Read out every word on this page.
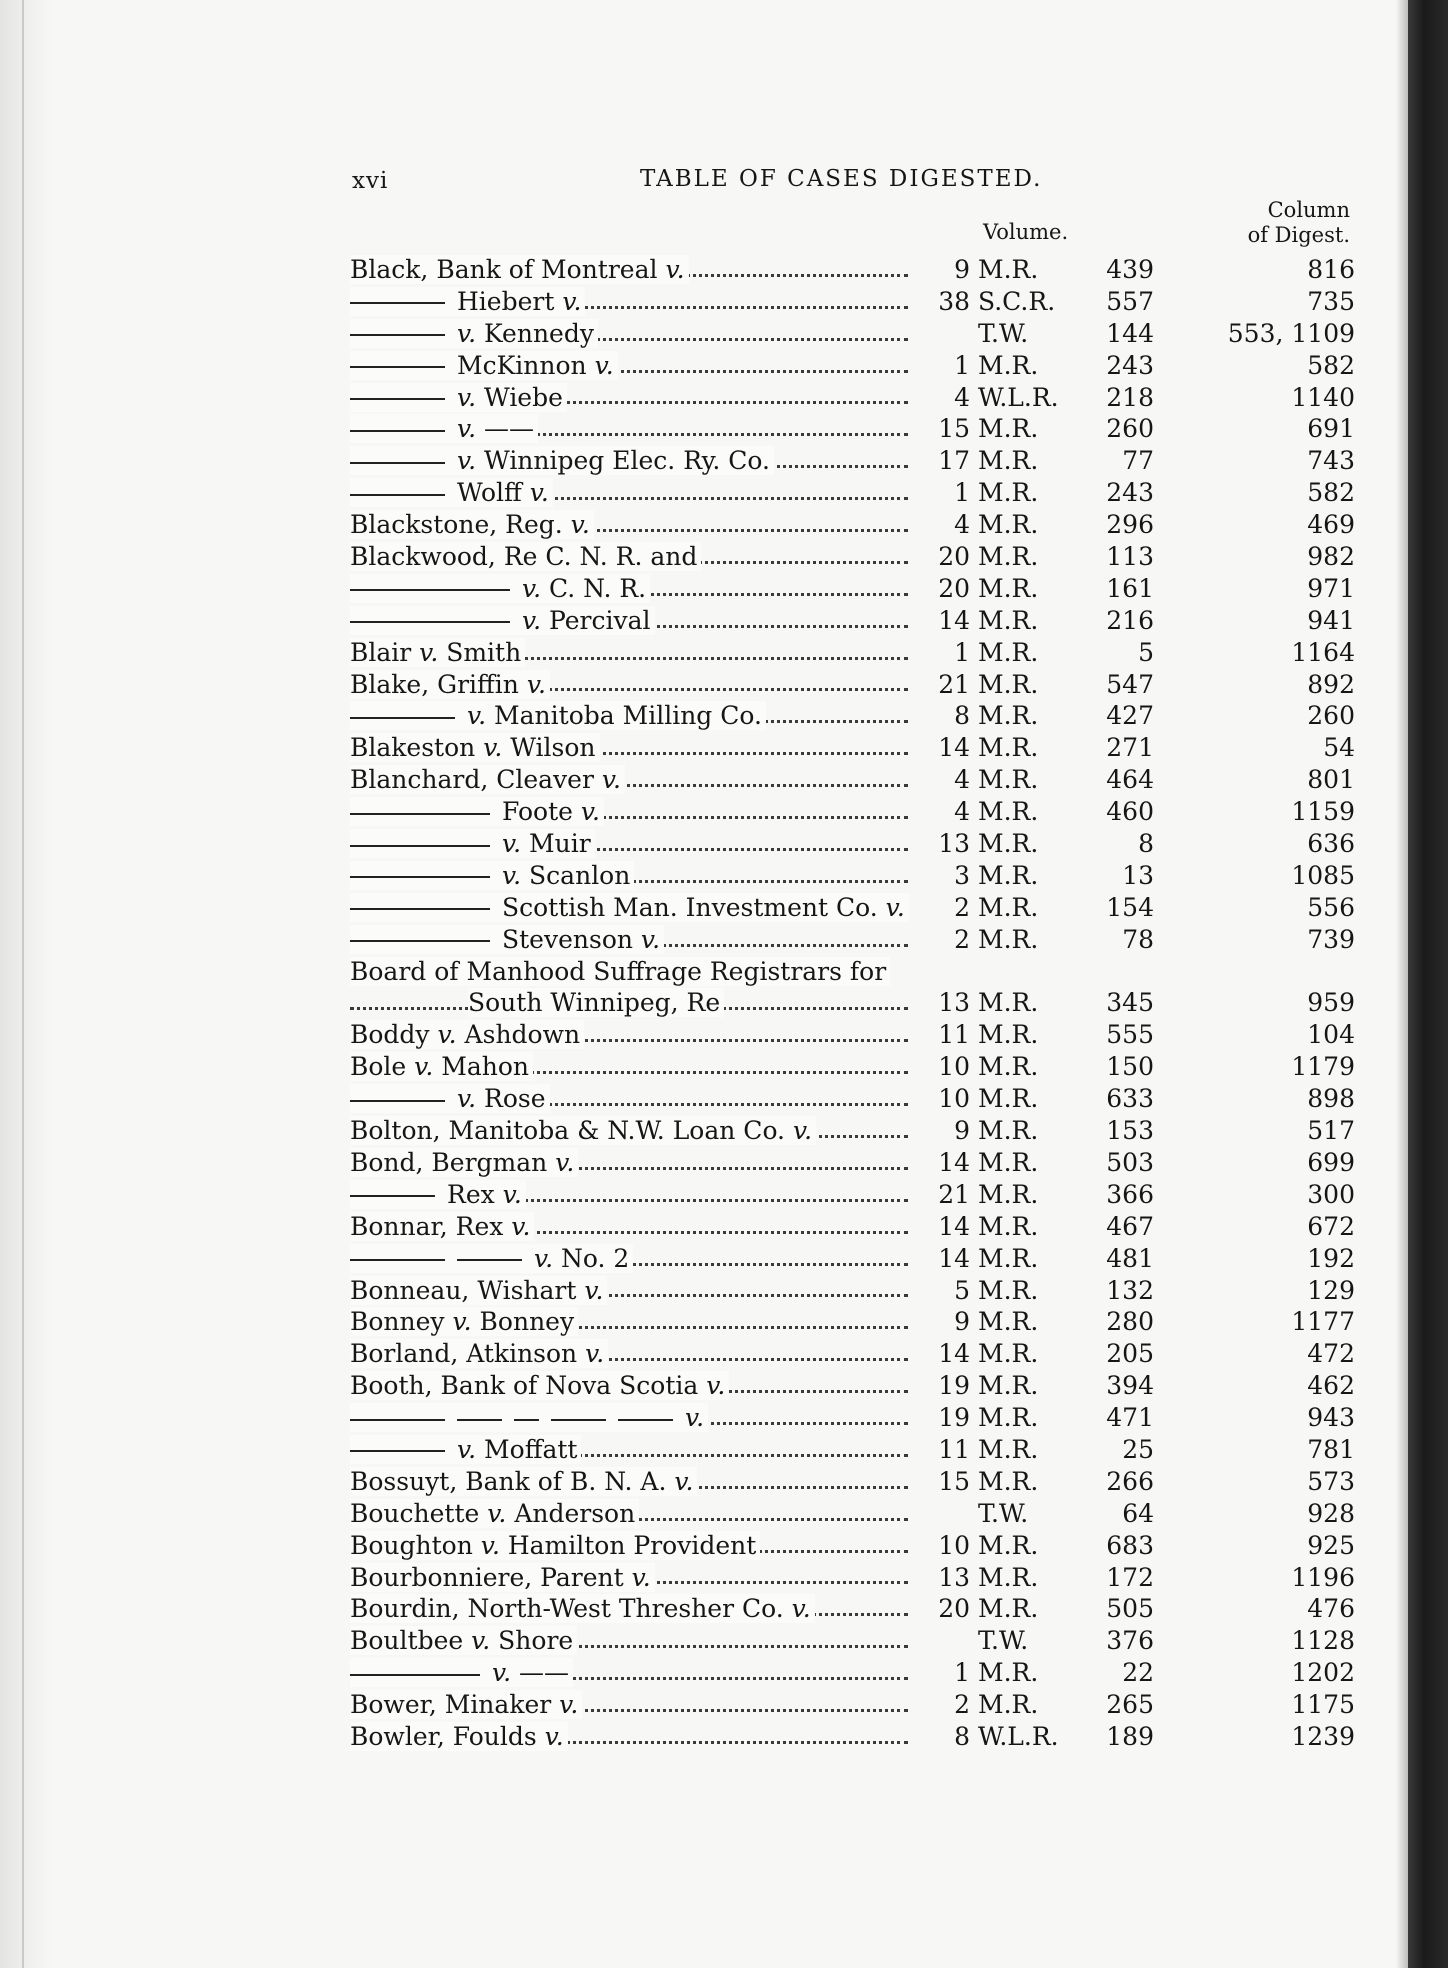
xvi	TABLE OF CASES DIGESTED.
Volume.
Column
of Digest.
Black, Bank of Montreal v.	9 M.R.	439	816
Hiebert v.	38 S.C.R.	557	735
v. Kennedy	T.W.	144	553, 1109
McKinnon v.	1 M.R.	243	582
v. Wiebe	4 W.L.R.	218	1140
v. ——	15 M.R.	260	691
v. Winnipeg Elec. Ry. Co.	17 M.R.	77	743
Wolff v.	1 M.R.	243	582
Blackstone, Reg. v.	4 M.R.	296	469
Blackwood, Re C. N. R. and	20 M.R.	113	982
v. C. N. R.	20 M.R.	161	971
v. Percival	14 M.R.	216	941
Blair v. Smith	1 M.R.	5	1164
Blake, Griffin v.	21 M.R.	547	892
v. Manitoba Milling Co.	8 M.R.	427	260
Blakeston v. Wilson	14 M.R.	271	54
Blanchard, Cleaver v.	4 M.R.	464	801
Foote v.	4 M.R.	460	1159
v. Muir	13 M.R.	8	636
v. Scanlon	3 M.R.	13	1085
Scottish Man. Investment Co. v.	2 M.R.	154	556
Stevenson v.	2 M.R.	78	739
Board of Manhood Suffrage Registrars for
South Winnipeg, Re	13 M.R.	345	959
Boddy v. Ashdown	11 M.R.	555	104
Bole v. Mahon	10 M.R.	150	1179
v. Rose	10 M.R.	633	898
Bolton, Manitoba & N.W. Loan Co. v.	9 M.R.	153	517
Bond, Bergman v.	14 M.R.	503	699
Rex v.	21 M.R.	366	300
Bonnar, Rex v.	14 M.R.	467	672
v. No. 2	14 M.R.	481	192
Bonneau, Wishart v.	5 M.R.	132	129
Bonney v. Bonney	9 M.R.	280	1177
Borland, Atkinson v.	14 M.R.	205	472
Booth, Bank of Nova Scotia v.	19 M.R.	394	462
v.	19 M.R.	471	943
v. Moffatt	11 M.R.	25	781
Bossuyt, Bank of B. N. A. v.	15 M.R.	266	573
Bouchette v. Anderson	T.W.	64	928
Boughton v. Hamilton Provident	10 M.R.	683	925
Bourbonniere, Parent v.	13 M.R.	172	1196
Bourdin, North-West Thresher Co. v.	20 M.R.	505	476
Boultbee v. Shore	T.W.	376	1128
v. ——	1 M.R.	22	1202
Bower, Minaker v.	2 M.R.	265	1175
Bowler, Foulds v.	8 W.L.R.	189	1239
